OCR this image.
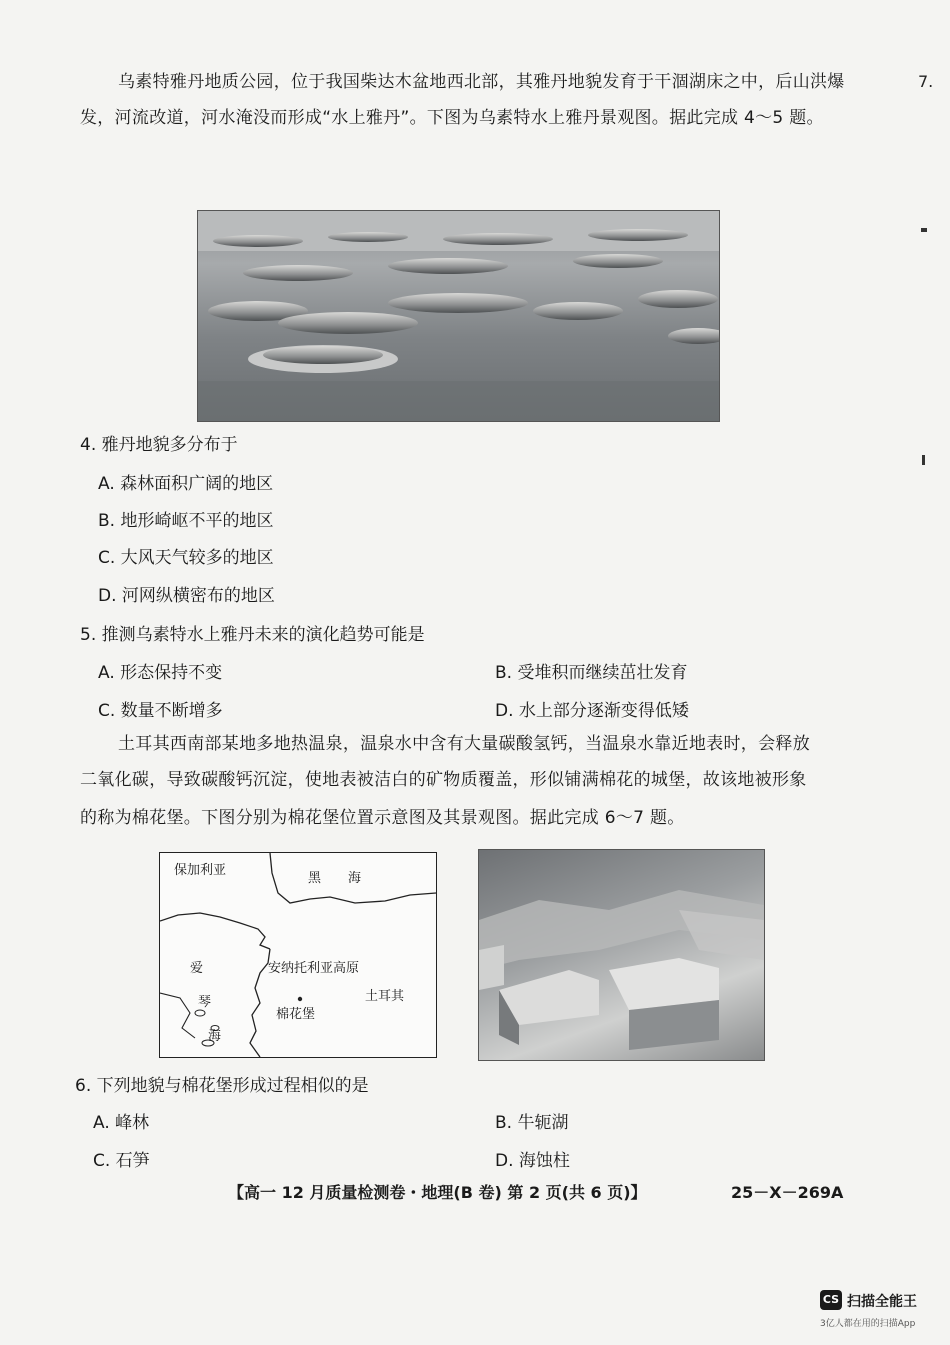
7.
乌素特雅丹地质公园，位于我国柴达木盆地西北部，其雅丹地貌发育于干涸湖床之中，后山洪爆
发，河流改道，河水淹没而形成“水上雅丹”。下图为乌素特水上雅丹景观图。据此完成 4～5 题。
4. 雅丹地貌多分布于
A. 森林面积广阔的地区
B. 地形崎岖不平的地区
C. 大风天气较多的地区
D. 河网纵横密布的地区
5. 推测乌素特水上雅丹未来的演化趋势可能是
A. 形态保持不变	B. 受堆积而继续茁壮发育
C. 数量不断增多	D. 水上部分逐渐变得低矮
土耳其西南部某地多地热温泉，温泉水中含有大量碳酸氢钙，当温泉水靠近地表时，会释放
二氧化碳，导致碳酸钙沉淀，使地表被洁白的矿物质覆盖，形似铺满棉花的城堡，故该地被形象
的称为棉花堡。下图分别为棉花堡位置示意图及其景观图。据此完成 6～7 题。
保加利亚
黑 海
爱
琴
海
安纳托利亚高原
土耳其
棉花堡
6. 下列地貌与棉花堡形成过程相似的是
A. 峰林	B. 牛轭湖
C. 石笋	D. 海蚀柱
【高一 12 月质量检测卷・地理(B 卷) 第 2 页(共 6 页)】	25－X－269A
CS 扫描全能王
3亿人都在用的扫描App
